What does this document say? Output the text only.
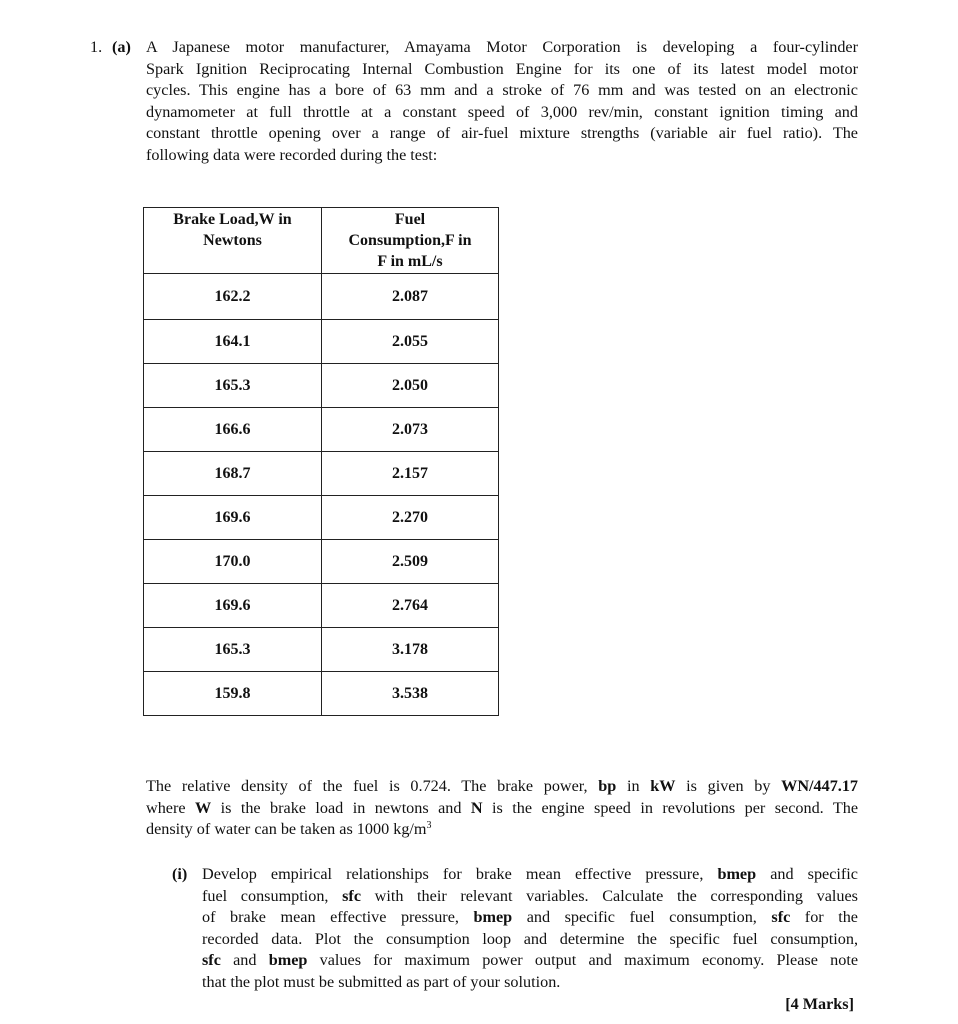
1. (a) A Japanese motor manufacturer, Amayama Motor Corporation is developing a four-cylinder
Spark Ignition Reciprocating Internal Combustion Engine for its one of its latest model motor
cycles. This engine has a bore of 63 mm and a stroke of 76 mm and was tested on an electronic
dynamometer at full throttle at a constant speed of 3,000 rev/min, constant ignition timing and
constant throttle opening over a range of air-fuel mixture strengths (variable air fuel ratio). The
following data were recorded during the test:
Brake Load,W in
Newtons	Fuel
Consumption,F in
F in mL/s

162.2	2.087
164.1	2.055
165.3	2.050
166.6	2.073
168.7	2.157
169.6	2.270
170.0	2.509
169.6	2.764
165.3	3.178
159.8	3.538
The relative density of the fuel is 0.724. The brake power, bp in kW is given by WN/447.17
where W is the brake load in newtons and N is the engine speed in revolutions per second. The
density of water can be taken as 1000 $kg/m^3$
(i) Develop empirical relationships for brake mean effective pressure, bmep and specific
fuel consumption, sfc with their relevant variables. Calculate the corresponding values
of brake mean effective pressure, bmep and specific fuel consumption, sfc for the
recorded data. Plot the consumption loop and determine the specific fuel consumption,
sfc and bmep values for maximum power output and maximum economy. Please note
that the plot must be submitted as part of your solution.
[4 Marks]
